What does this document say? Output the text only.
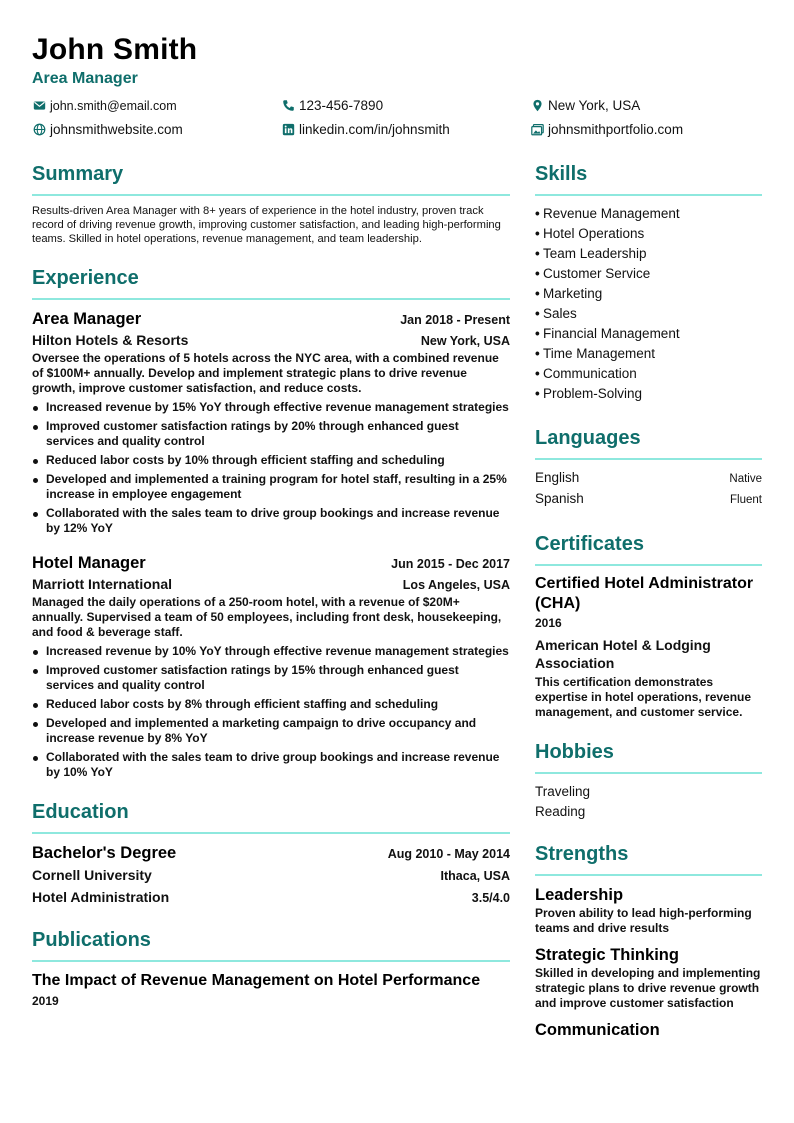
John Smith
Area Manager
john.smith@email.com	123-456-7890	New York, USA
johnsmithwebsite.com	linkedin.com/in/johnsmith	johnsmithportfolio.com
Summary

Results-driven Area Manager with 8+ years of experience in the hotel industry, proven track record of driving revenue growth, improving customer satisfaction, and leading high-performing teams. Skilled in hotel operations, revenue management, and team leadership.

Experience
Area Manager	Jan 2018 - Present
Hilton Hotels & Resorts	New York, USA

Oversee the operations of 5 hotels across the NYC area, with a combined revenue of $100M+ annually. Develop and implement strategic plans to drive revenue growth, improve customer satisfaction, and reduce costs.

Increased revenue by 15% YoY through effective revenue management strategies
Improved customer satisfaction ratings by 20% through enhanced guest services and quality control
Reduced labor costs by 10% through efficient staffing and scheduling
Developed and implemented a training program for hotel staff, resulting in a 25% increase in employee engagement
Collaborated with the sales team to drive group bookings and increase revenue by 12% YoY
Hotel Manager	Jun 2015 - Dec 2017
Marriott International	Los Angeles, USA

Managed the daily operations of a 250-room hotel, with a revenue of $20M+ annually. Supervised a team of 50 employees, including front desk, housekeeping, and food & beverage staff.

Increased revenue by 10% YoY through effective revenue management strategies
Improved customer satisfaction ratings by 15% through enhanced guest services and quality control
Reduced labor costs by 8% through efficient staffing and scheduling
Developed and implemented a marketing campaign to drive occupancy and increase revenue by 8% YoY
Collaborated with the sales team to drive group bookings and increase revenue by 10% YoY
Education
Bachelor's Degree	Aug 2010 - May 2014
Cornell University	Ithaca, USA
Hotel Administration	3.5/4.0
Publications
The Impact of Revenue Management on Hotel Performance
2019
Skills
• Revenue Management
• Hotel Operations
• Team Leadership
• Customer Service
• Marketing
• Sales
• Financial Management
• Time Management
• Communication
• Problem-Solving
Languages
English	Native
Spanish	Fluent
Certificates
Certified Hotel Administrator (CHA)
2016
American Hotel & Lodging Association
This certification demonstrates expertise in hotel operations, revenue management, and customer service.
Hobbies
Traveling
Reading
Strengths
Leadership
Proven ability to lead high-performing teams and drive results
Strategic Thinking
Skilled in developing and implementing strategic plans to drive revenue growth and improve customer satisfaction
Communication
